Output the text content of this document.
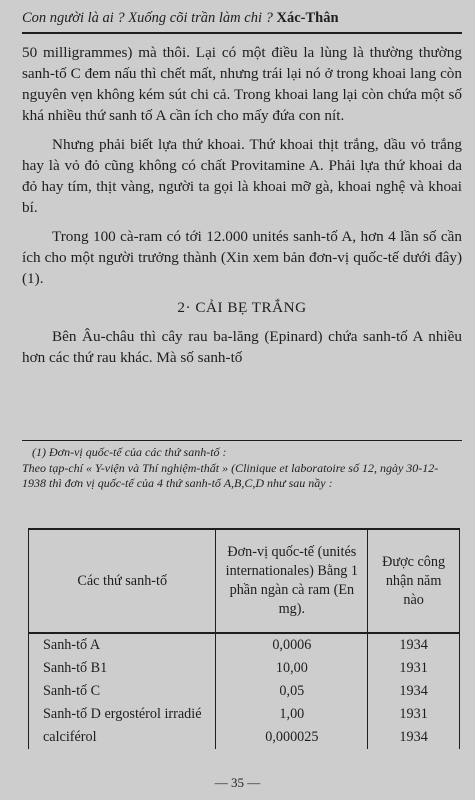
Con người là ai ? Xuống cõi trần làm chi ? Xác-Thân

50 milligrammes) mà thôi. Lại có một điều la lùng là thường thường sanh-tố C đem nấu thì chết mất, nhưng trái lại nó ở trong khoai lang còn nguyên vẹn không kém sút chi cả. Trong khoai lang lại còn chứa một số khá nhiều thứ sanh tố A cần ích cho mấy đứa con nít.

Nhưng phải biết lựa thứ khoai. Thứ khoai thịt trắng, dầu vỏ trắng hay là vỏ đỏ cũng không có chất Provitamine A. Phải lựa thứ khoai da đỏ hay tím, thịt vàng, người ta gọi là khoai mỡ gà, khoai nghệ và khoai bí.

Trong 100 cà-ram có tới 12.000 unités sanh-tố A, hơn 4 lần số cần ích cho một người trưởng thành (Xin xem bản đơn-vị quốc-tế dưới đây) (1).

2· CẢI BẸ TRẮNG

Bên Âu-châu thì cây rau ba-lăng (Epinard) chứa sanh-tố A nhiều hơn các thứ rau khác. Mà số sanh-tố

(1) Đơn-vị quốc-tế của các thứ sanh-tố :

Theo tạp-chí « Y-viện và Thí nghiệm-thất » (Clinique et laboratoire số 12, ngày 30-12-1938 thì đơn vị quốc-tế của 4 thứ sanh-tố A,B,C,D như sau nầy :

Các thứ sanh-tố	Đơn-vị quốc-tế (unités internationales) Bằng 1 phần ngàn cà ram (En mg).	Được công nhận năm nào
Sanh-tố A	0,0006	1934
Sanh-tố B1	10,00	1931
Sanh-tố C	0,05	1934
Sanh-tố D ergostérol irradié	1,00	1931
calciférol	0,000025	1934
— 35 —
